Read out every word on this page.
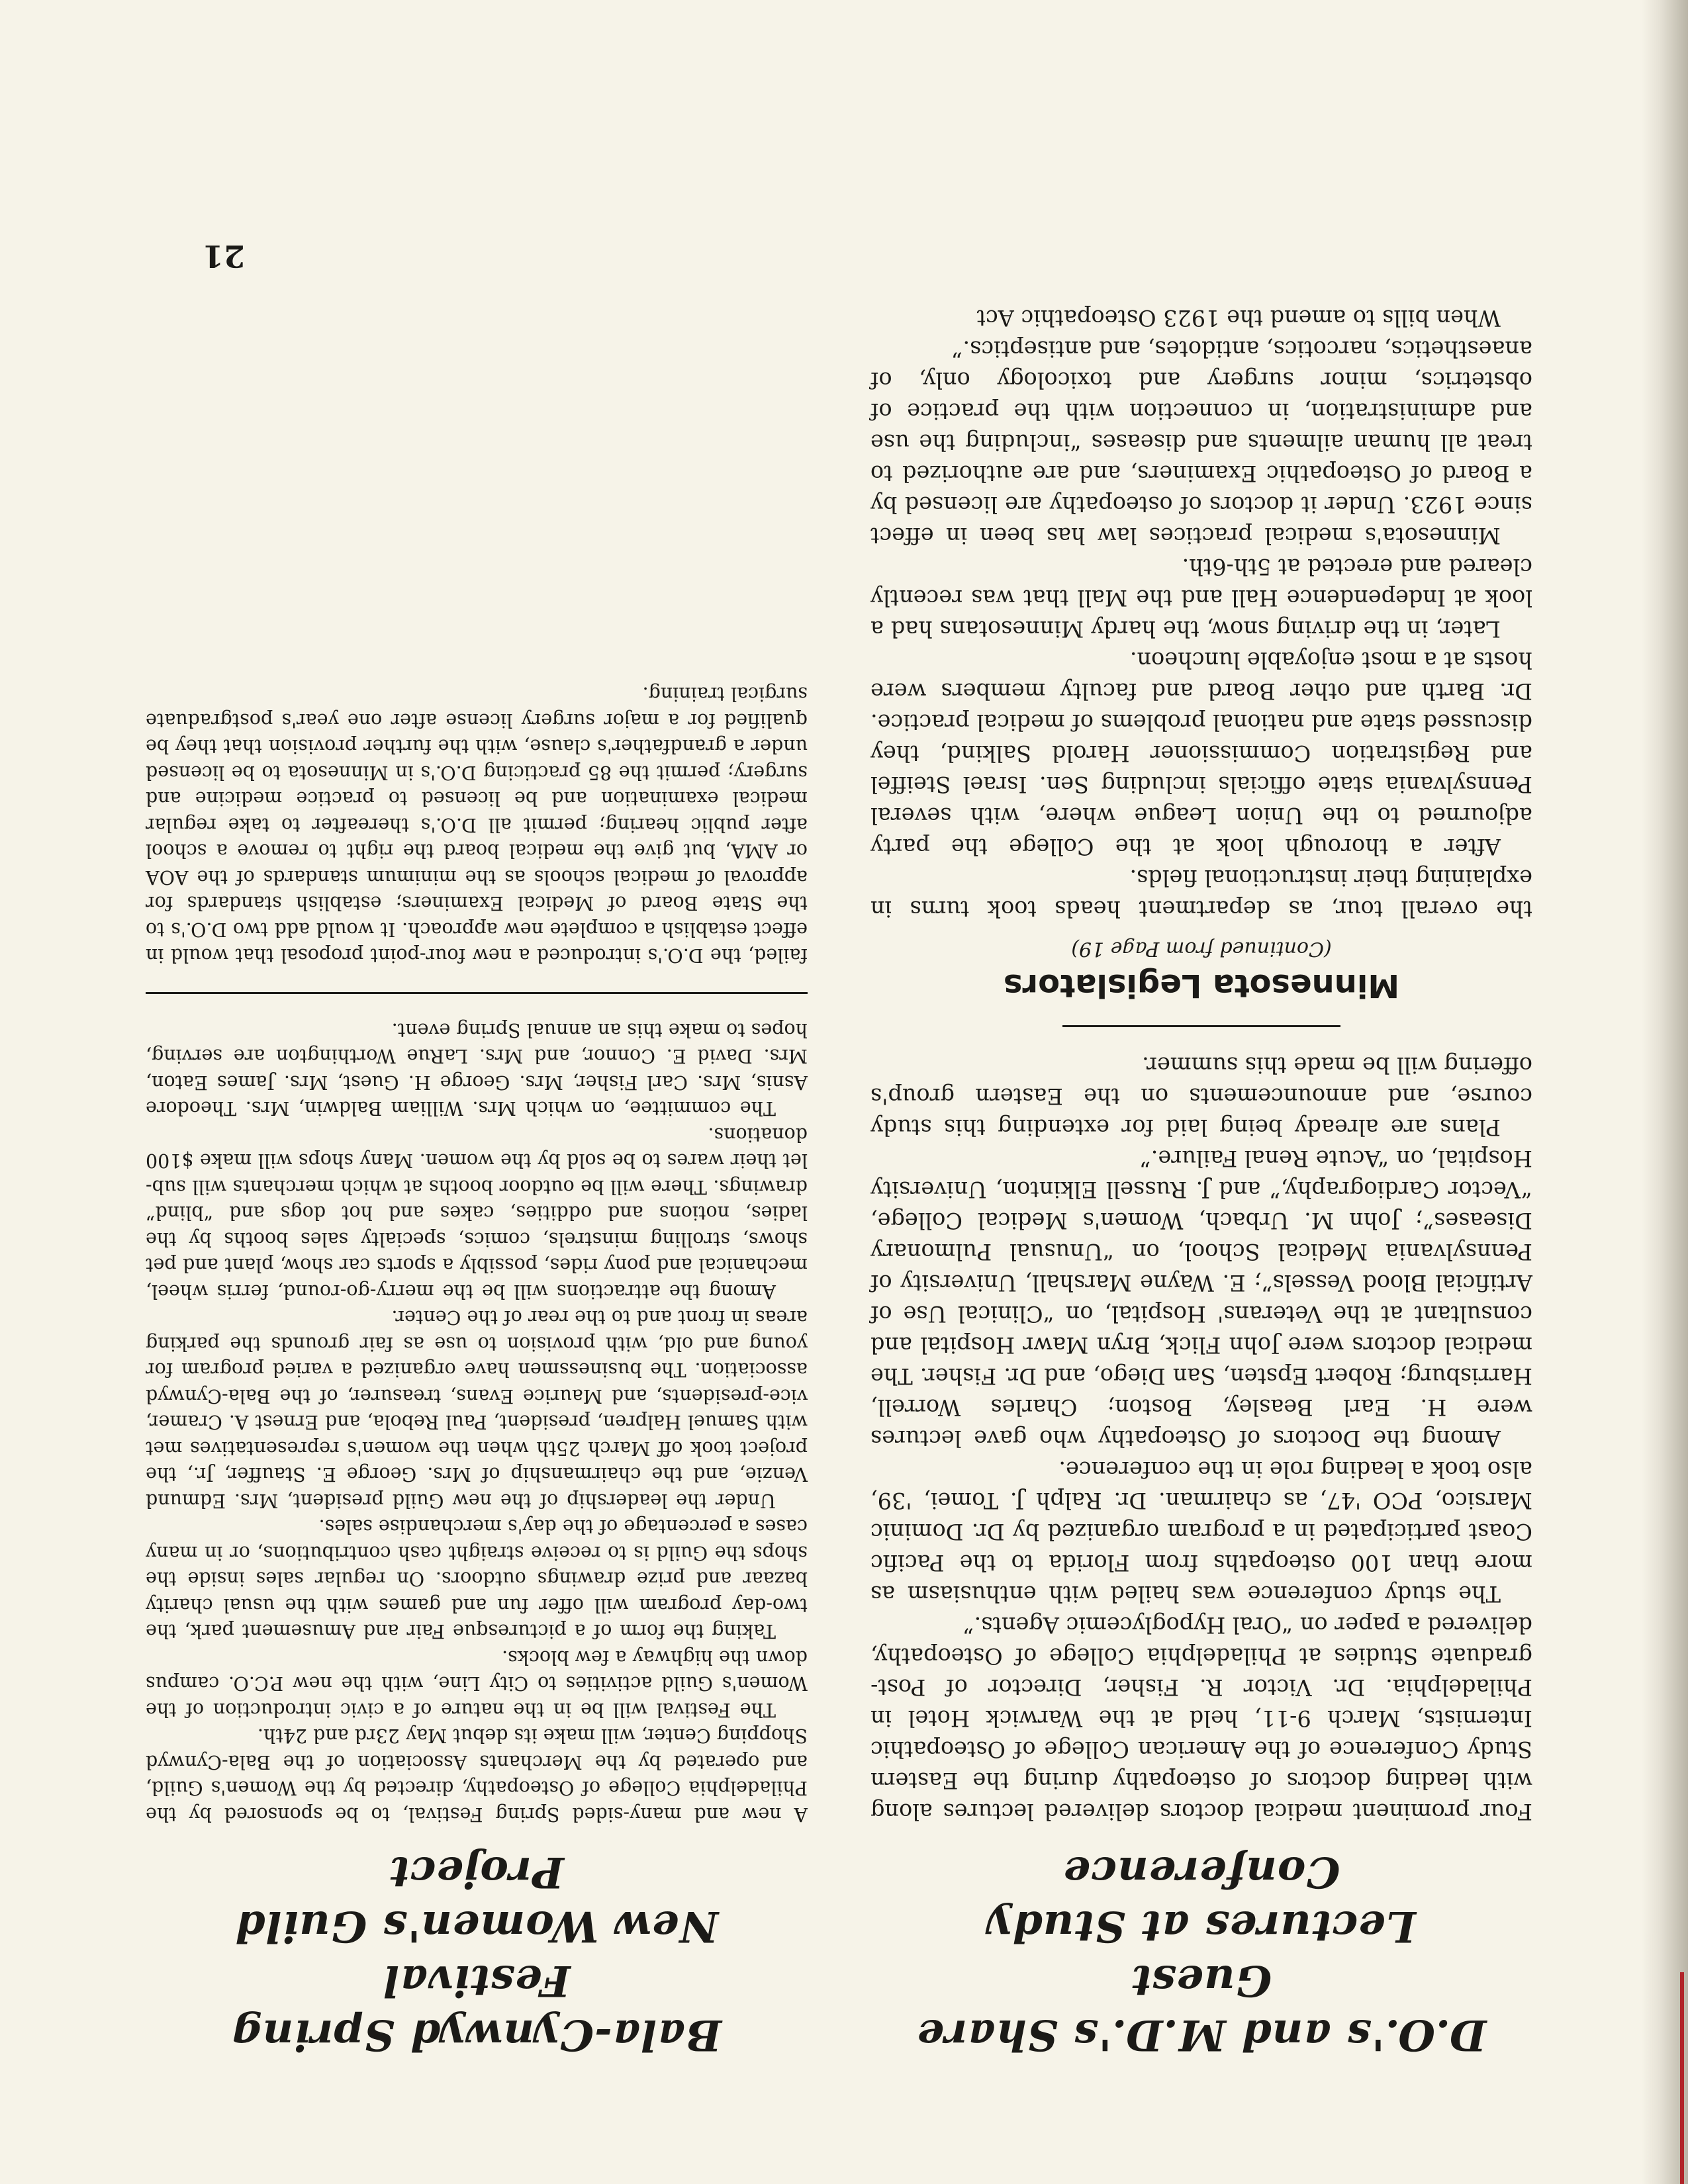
D.O.'s and M.D.'s Share Guest
Lectures at Study Conference

Four prominent medical doctors delivered lectures along with leading doctors of osteopathy during the Eastern Study Conference of the American College of Osteopathic Internists, March 9-11, held at the Warwick Hotel in Philadelphia. Dr. Victor R. Fisher, Director of Post-graduate Studies at Philadelphia College of Osteopathy, delivered a paper on “Oral Hypoglycemic Agents.”

The study conference was hailed with enthusiasm as more than 100 osteopaths from Florida to the Pacific Coast participated in a program organized by Dr. Dominic Marsico, PCO '47, as chairman. Dr. Ralph J. Tomei, '39, also took a leading role in the conference.

Among the Doctors of Osteopathy who gave lectures were H. Earl Beasley, Boston; Charles Worrell, Harrisburg; Robert Epsten, San Diego, and Dr. Fisher. The medical doctors were John Flick, Bryn Mawr Hospital and consultant at the Veterans' Hospital, on “Clinical Use of Artificial Blood Vessels”; E. Wayne Marshall, University of Pennsylvania Medical School, on “Unusual Pulmonary Diseases”; John M. Urbach, Women's Medical College, “Vector Cardiography,” and J. Russell Elkinton, University Hospital, on “Acute Renal Failure.”

Plans are already being laid for extending this study course, and announcements on the Eastern group's offering will be made this summer.

Minnesota Legislators
(Continued from Page 19)

the overall tour, as department heads took turns in explaining their instructional fields.

After a thorough look at the College the party adjourned to the Union League where, with several Pennsylvania state officials including Sen. Israel Steiffel and Registration Commissioner Harold Salkind, they discussed state and national problems of medical practice. Dr. Barth and other Board and faculty members were hosts at a most enjoyable luncheon.

Later, in the driving snow, the hardy Minnesotans had a look at Independence Hall and the Mall that was recently cleared and erected at 5th-6th.

Minnesota's medical practices law has been in effect since 1923. Under it doctors of osteopathy are licensed by a Board of Osteopathic Examiners, and are authorized to treat all human ailments and diseases “including the use and administration, in connection with the practice of obstetrics, minor surgery and toxicology only, of anaesthetics, narcotics, antidotes, and antiseptics.”

When bills to amend the 1923 Osteopathic Act

Bala-Cynwyd Spring Festival
New Women's Guild Project

A new and many-sided Spring Festival, to be sponsored by the Philadelphia College of Osteopathy, directed by the Women's Guild, and operated by the Merchants Association of the Bala-Cynwyd Shopping Center, will make its debut May 23rd and 24th.

The Festival will be in the nature of a civic introduction of the Women's Guild activities to City Line, with the new P.C.O. campus down the highway a few blocks.

Taking the form of a picturesque Fair and Amusement park, the two-day program will offer fun and games with the usual charity bazaar and prize drawings outdoors. On regular sales inside the shops the Guild is to receive straight cash contributions, or in many cases a percentage of the day's merchandise sales.

Under the leadership of the new Guild president, Mrs. Edmund Venzie, and the chairmanship of Mrs. George E. Stauffer, Jr., the project took off March 25th when the women's representatives met with Samuel Halpren, president, Paul Rebola, and Ernest A. Cramer, vice-presidents, and Maurice Evans, treasurer, of the Bala-Cynwyd association. The businessmen have organized a varied program for young and old, with provision to use as fair grounds the parking areas in front and to the rear of the Center.

Among the attractions will be the merry-go-round, ferris wheel, mechanical and pony rides, possibly a sports car show, plant and pet shows, strolling minstrels, comics, specialty sales booths by the ladies, notions and oddities, cakes and hot dogs and “blind” drawings. There will be outdoor booths at which merchants will sub-let their wares to be sold by the women. Many shops will make $100 donations.

The committee, on which Mrs. William Baldwin, Mrs. Theodore Asnis, Mrs. Carl Fisher, Mrs. George H. Guest, Mrs. James Eaton, Mrs. David E. Connor, and Mrs. LaRue Worthington are serving, hopes to make this an annual Spring event.

failed, the D.O.'s introduced a new four-point proposal that would in effect establish a complete new approach. It would add two D.O.'s to the State Board of Medical Examiners; establish standards for approval of medical schools as the minimum standards of the AOA or AMA, but give the medical board the right to remove a school after public hearing; permit all D.O.'s thereafter to take regular medical examination and be licensed to practice medicine and surgery; permit the 85 practicing D.O.'s in Minnesota to be licensed under a grandfather's clause, with the further provision that they be qualified for a major surgery license after one year's postgraduate surgical training.

21
